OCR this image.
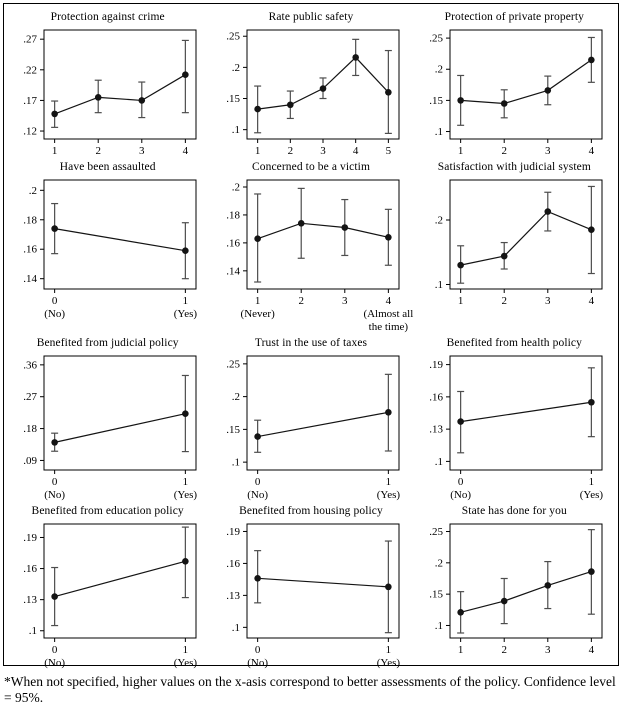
Protection against crime
.12
.17
.22
.27
1	2	3	4
Rate public safety
.1
.15
.2
.25
1 2 3 4 5
Protection of private property
.1
.15
.2
.25
1	2	3	4
Have been assaulted
.14
.16
.18
.2
0
(No)
1
(Yes)
Concerned to be a victim
.14
.16
.18
.2
1
(Never)
2	3	4
(Almost all
the time)
Satisfaction with judicial system
.1
.2
1	2	3	4
Benefited from judicial policy
.09
.18
.27
.36
0
(No)
1
(Yes)
Trust in the use of taxes
.1
.15
.2
.25
0
(No)
1
(Yes)
Benefited from health policy
.1
.13
.16
.19
0
(No)
1
(Yes)
Benefited from education policy
.1
.13
.16
.19
0
(No)
1
(Yes)
Benefited from housing policy
.1
.13
.16
.19
0
(No)
1
(Yes)
State has done for you
.1
.15
.2
.25
1	2	3	4
*When not specified, higher values on the x-asis correspond to better assessments of the policy. Confidence level = 95%.
